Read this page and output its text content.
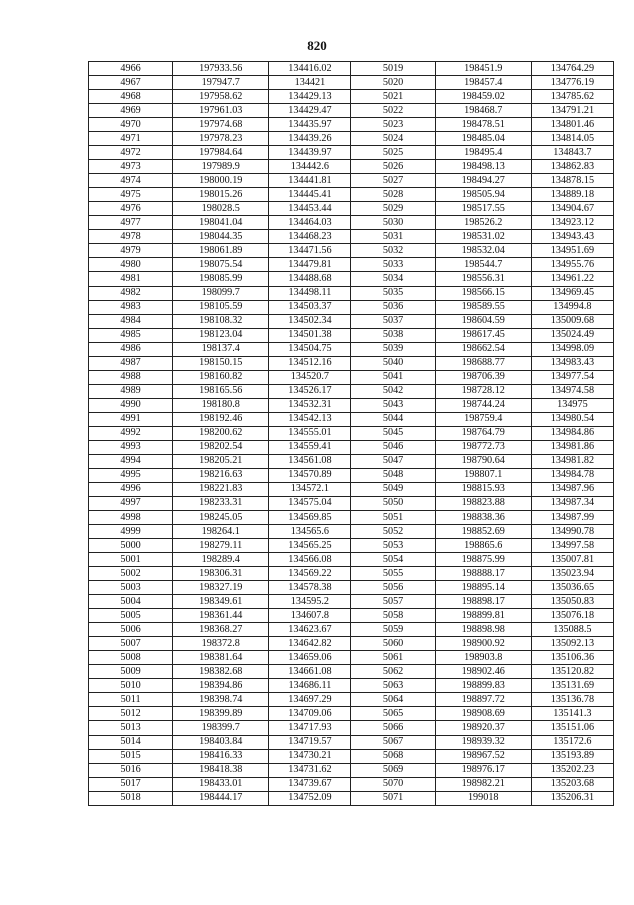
820
4966	197933.56	134416.02	5019	198451.9	134764.29
4967	197947.7	134421	5020	198457.4	134776.19
4968	197958.62	134429.13	5021	198459.02	134785.62
4969	197961.03	134429.47	5022	198468.7	134791.21
4970	197974.68	134435.97	5023	198478.51	134801.46
4971	197978.23	134439.26	5024	198485.04	134814.05
4972	197984.64	134439.97	5025	198495.4	134843.7
4973	197989.9	134442.6	5026	198498.13	134862.83
4974	198000.19	134441.81	5027	198494.27	134878.15
4975	198015.26	134445.41	5028	198505.94	134889.18
4976	198028.5	134453.44	5029	198517.55	134904.67
4977	198041.04	134464.03	5030	198526.2	134923.12
4978	198044.35	134468.23	5031	198531.02	134943.43
4979	198061.89	134471.56	5032	198532.04	134951.69
4980	198075.54	134479.81	5033	198544.7	134955.76
4981	198085.99	134488.68	5034	198556.31	134961.22
4982	198099.7	134498.11	5035	198566.15	134969.45
4983	198105.59	134503.37	5036	198589.55	134994.8
4984	198108.32	134502.34	5037	198604.59	135009.68
4985	198123.04	134501.38	5038	198617.45	135024.49
4986	198137.4	134504.75	5039	198662.54	134998.09
4987	198150.15	134512.16	5040	198688.77	134983.43
4988	198160.82	134520.7	5041	198706.39	134977.54
4989	198165.56	134526.17	5042	198728.12	134974.58
4990	198180.8	134532.31	5043	198744.24	134975
4991	198192.46	134542.13	5044	198759.4	134980.54
4992	198200.62	134555.01	5045	198764.79	134984.86
4993	198202.54	134559.41	5046	198772.73	134981.86
4994	198205.21	134561.08	5047	198790.64	134981.82
4995	198216.63	134570.89	5048	198807.1	134984.78
4996	198221.83	134572.1	5049	198815.93	134987.96
4997	198233.31	134575.04	5050	198823.88	134987.34
4998	198245.05	134569.85	5051	198838.36	134987.99
4999	198264.1	134565.6	5052	198852.69	134990.78
5000	198279.11	134565.25	5053	198865.6	134997.58
5001	198289.4	134566.08	5054	198875.99	135007.81
5002	198306.31	134569.22	5055	198888.17	135023.94
5003	198327.19	134578.38	5056	198895.14	135036.65
5004	198349.61	134595.2	5057	198898.17	135050.83
5005	198361.44	134607.8	5058	198899.81	135076.18
5006	198368.27	134623.67	5059	198898.98	135088.5
5007	198372.8	134642.82	5060	198900.92	135092.13
5008	198381.64	134659.06	5061	198903.8	135106.36
5009	198382.68	134661.08	5062	198902.46	135120.82
5010	198394.86	134686.11	5063	198899.83	135131.69
5011	198398.74	134697.29	5064	198897.72	135136.78
5012	198399.89	134709.06	5065	198908.69	135141.3
5013	198399.7	134717.93	5066	198920.37	135151.06
5014	198403.84	134719.57	5067	198939.32	135172.6
5015	198416.33	134730.21	5068	198967.52	135193.89
5016	198418.38	134731.62	5069	198976.17	135202.23
5017	198433.01	134739.67	5070	198982.21	135203.68
5018	198444.17	134752.09	5071	199018	135206.31
